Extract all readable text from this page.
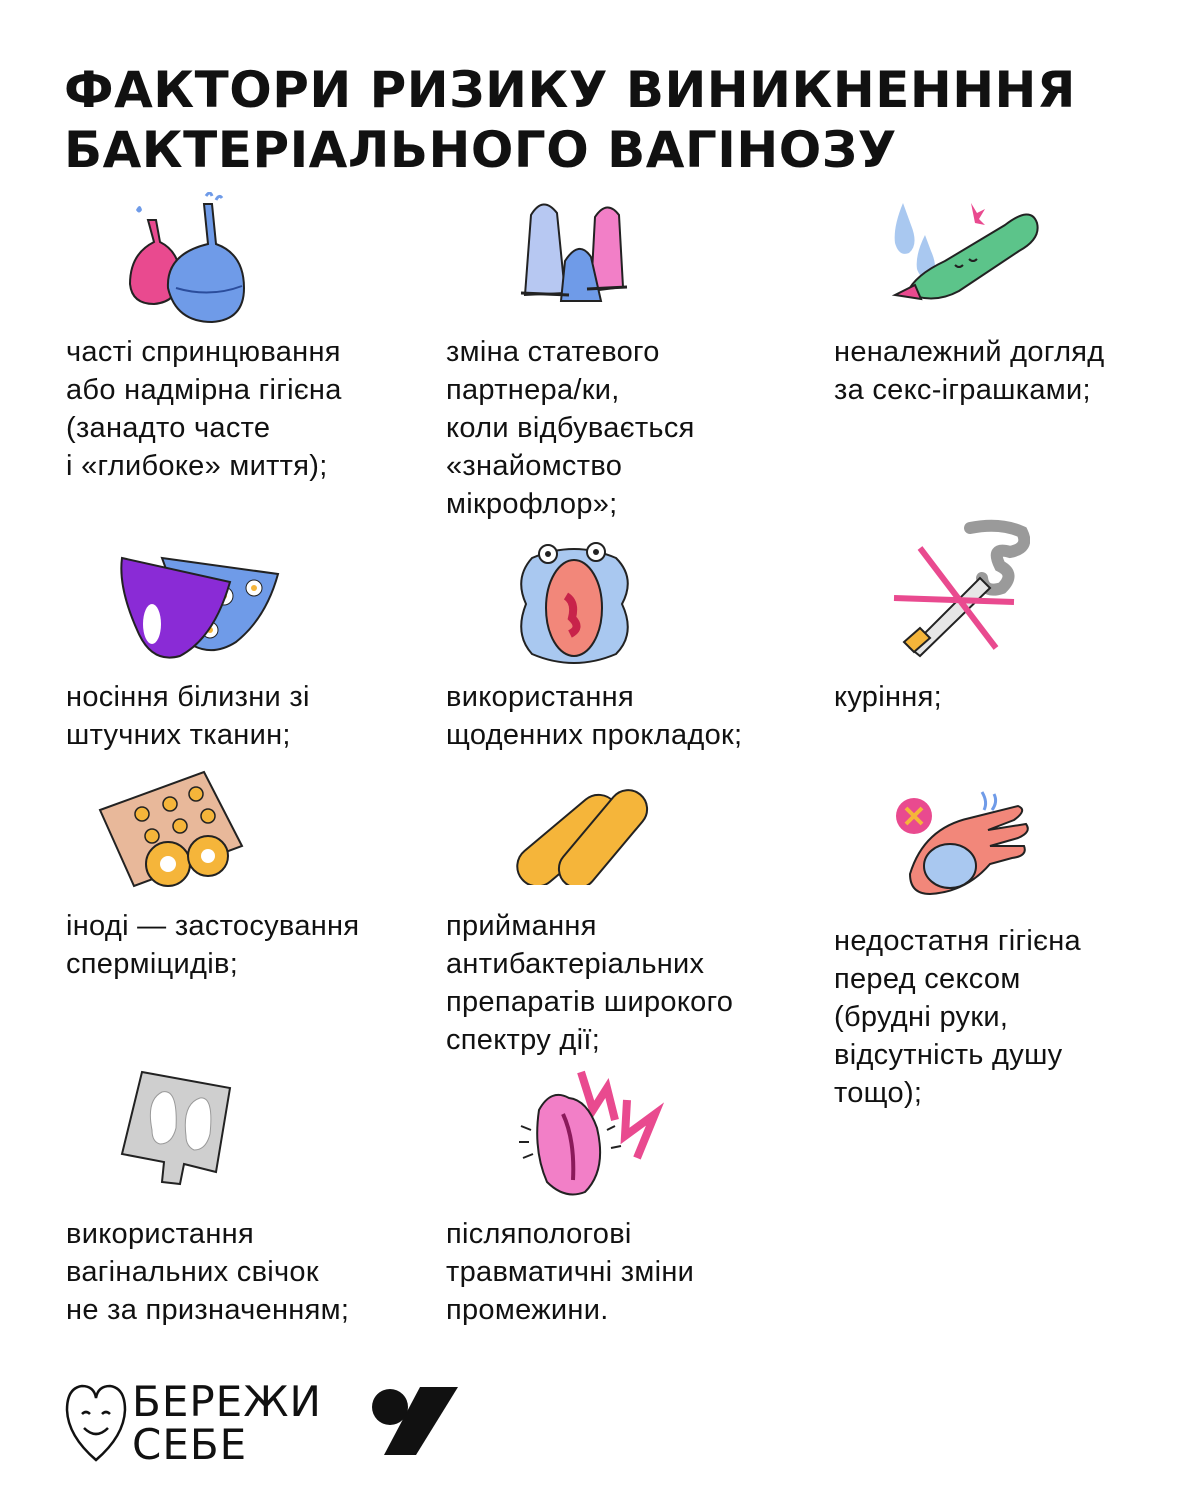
ФАКТОРИ РИЗИКУ ВИНИКНЕНННЯ
БАКТЕРІАЛЬНОГО ВАГІНОЗУ

часті спринцювання
або надмірна гігієна
(занадто часте
і «глибоке» миття);

зміна статевого
партнера/ки,
коли відбувається
«знайомство
мікрофлор»;

неналежний догляд
за секс-іграшками;

носіння білизни зі
штучних тканин;

використання
щоденних прокладок;

куріння;

іноді — застосування
сперміцидів;

приймання
антибактеріальних
препаратів широкого
спектру дії;

недостатня гігієна
перед сексом
(брудні руки,
відсутність душу
тощо);

використання
вагінальних свічок
не за призначенням;

післяпологові
травматичні зміни
промежини.

БЕРЕЖИ
СЕБЕ
